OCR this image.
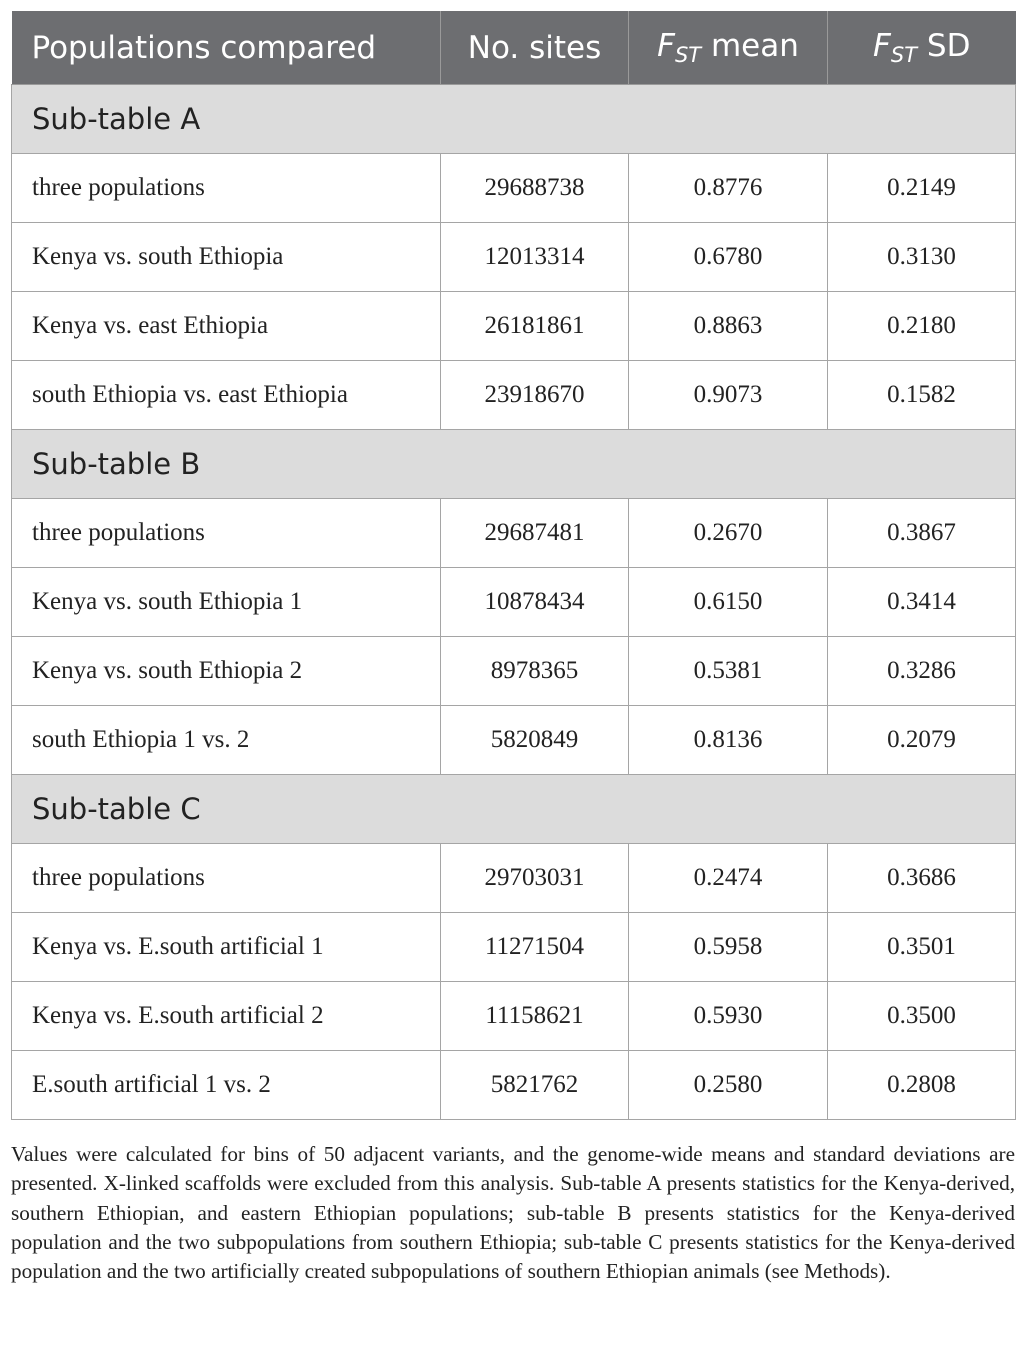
Populations compared	No. sites	$F_{ST}$ mean	$F_{ST}$ SD
Sub-table A			
three populations	29688738	0.8776	0.2149
Kenya vs. south Ethiopia	12013314	0.6780	0.3130
Kenya vs. east Ethiopia	26181861	0.8863	0.2180
south Ethiopia vs. east Ethiopia	23918670	0.9073	0.1582
Sub-table B			
three populations	29687481	0.2670	0.3867
Kenya vs. south Ethiopia 1	10878434	0.6150	0.3414
Kenya vs. south Ethiopia 2	8978365	0.5381	0.3286
south Ethiopia 1 vs. 2	5820849	0.8136	0.2079
Sub-table C			
three populations	29703031	0.2474	0.3686
Kenya vs. E.south artificial 1	11271504	0.5958	0.3501
Kenya vs. E.south artificial 2	11158621	0.5930	0.3500
E.south artificial 1 vs. 2	5821762	0.2580	0.2808

Values were calculated for bins of 50 adjacent variants, and the genome-wide means and standard deviations are presented. X-linked scaffolds were excluded from this analysis. Sub-table A presents statistics for the Kenya-derived, southern Ethiopian, and eastern Ethiopian populations; sub-table B presents statistics for the Kenya-derived population and the two subpopulations from southern Ethiopia; sub-table C presents statistics for the Kenya-derived population and the two artificially created subpopulations of southern Ethiopian animals (see Methods).
